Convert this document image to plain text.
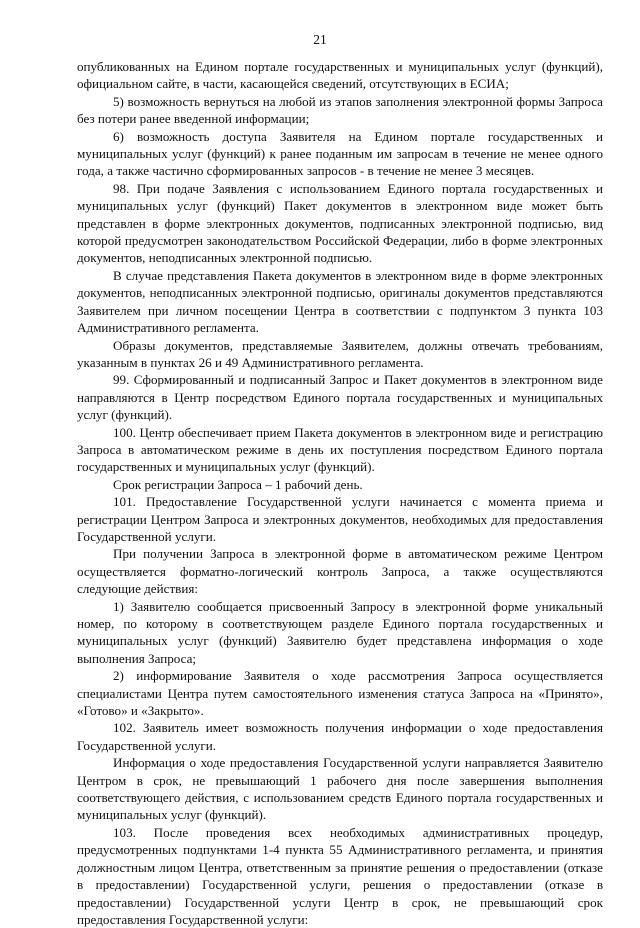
21

опубликованных на Едином портале государственных и муниципальных услуг (функций), официальном сайте, в части, касающейся сведений, отсутствующих в ЕСИА;

5) возможность вернуться на любой из этапов заполнения электронной формы Запроса без потери ранее введенной информации;

6) возможность доступа Заявителя на Едином портале государственных и муниципальных услуг (функций) к ранее поданным им запросам в течение не менее одного года, а также частично сформированных запросов - в течение не менее 3 месяцев.

98. При подаче Заявления с использованием Единого портала государственных и муниципальных услуг (функций) Пакет документов в электронном виде может быть представлен в форме электронных документов, подписанных электронной подписью, вид которой предусмотрен законодательством Российской Федерации, либо в форме электронных документов, неподписанных электронной подписью.

В случае представления Пакета документов в электронном виде в форме электронных документов, неподписанных электронной подписью, оригиналы документов представляются Заявителем при личном посещении Центра в соответствии с подпунктом 3 пункта 103 Административного регламента.

Образы документов, представляемые Заявителем, должны отвечать требованиям, указанным в пунктах 26 и 49 Административного регламента.

99. Сформированный и подписанный Запрос и Пакет документов в электронном виде направляются в Центр посредством Единого портала государственных и муниципальных услуг (функций).

100. Центр обеспечивает прием Пакета документов в электронном виде и регистрацию Запроса в автоматическом режиме в день их поступления посредством Единого портала государственных и муниципальных услуг (функций).

Срок регистрации Запроса – 1 рабочий день.

101. Предоставление Государственной услуги начинается с момента приема и регистрации Центром Запроса и электронных документов, необходимых для предоставления Государственной услуги.

При получении Запроса в электронной форме в автоматическом режиме Центром осуществляется форматно-логический контроль Запроса, а также осуществляются следующие действия:

1) Заявителю сообщается присвоенный Запросу в электронной форме уникальный номер, по которому в соответствующем разделе Единого портала государственных и муниципальных услуг (функций) Заявителю будет представлена информация о ходе выполнения Запроса;

2) информирование Заявителя о ходе рассмотрения Запроса осуществляется специалистами Центра путем самостоятельного изменения статуса Запроса на «Принято», «Готово» и «Закрыто».

102. Заявитель имеет возможность получения информации о ходе предоставления Государственной услуги.

Информация о ходе предоставления Государственной услуги направляется Заявителю Центром в срок, не превышающий 1 рабочего дня после завершения выполнения соответствующего действия, с использованием средств Единого портала государственных и муниципальных услуг (функций).

103. После проведения всех необходимых административных процедур, предусмотренных подпунктами 1-4 пункта 55 Административного регламента, и принятия должностным лицом Центра, ответственным за принятие решения о предоставлении (отказе в предоставлении) Государственной услуги, решения о предоставлении (отказе в предоставлении) Государственной услуги Центр в срок, не превышающий срок предоставления Государственной услуги:
